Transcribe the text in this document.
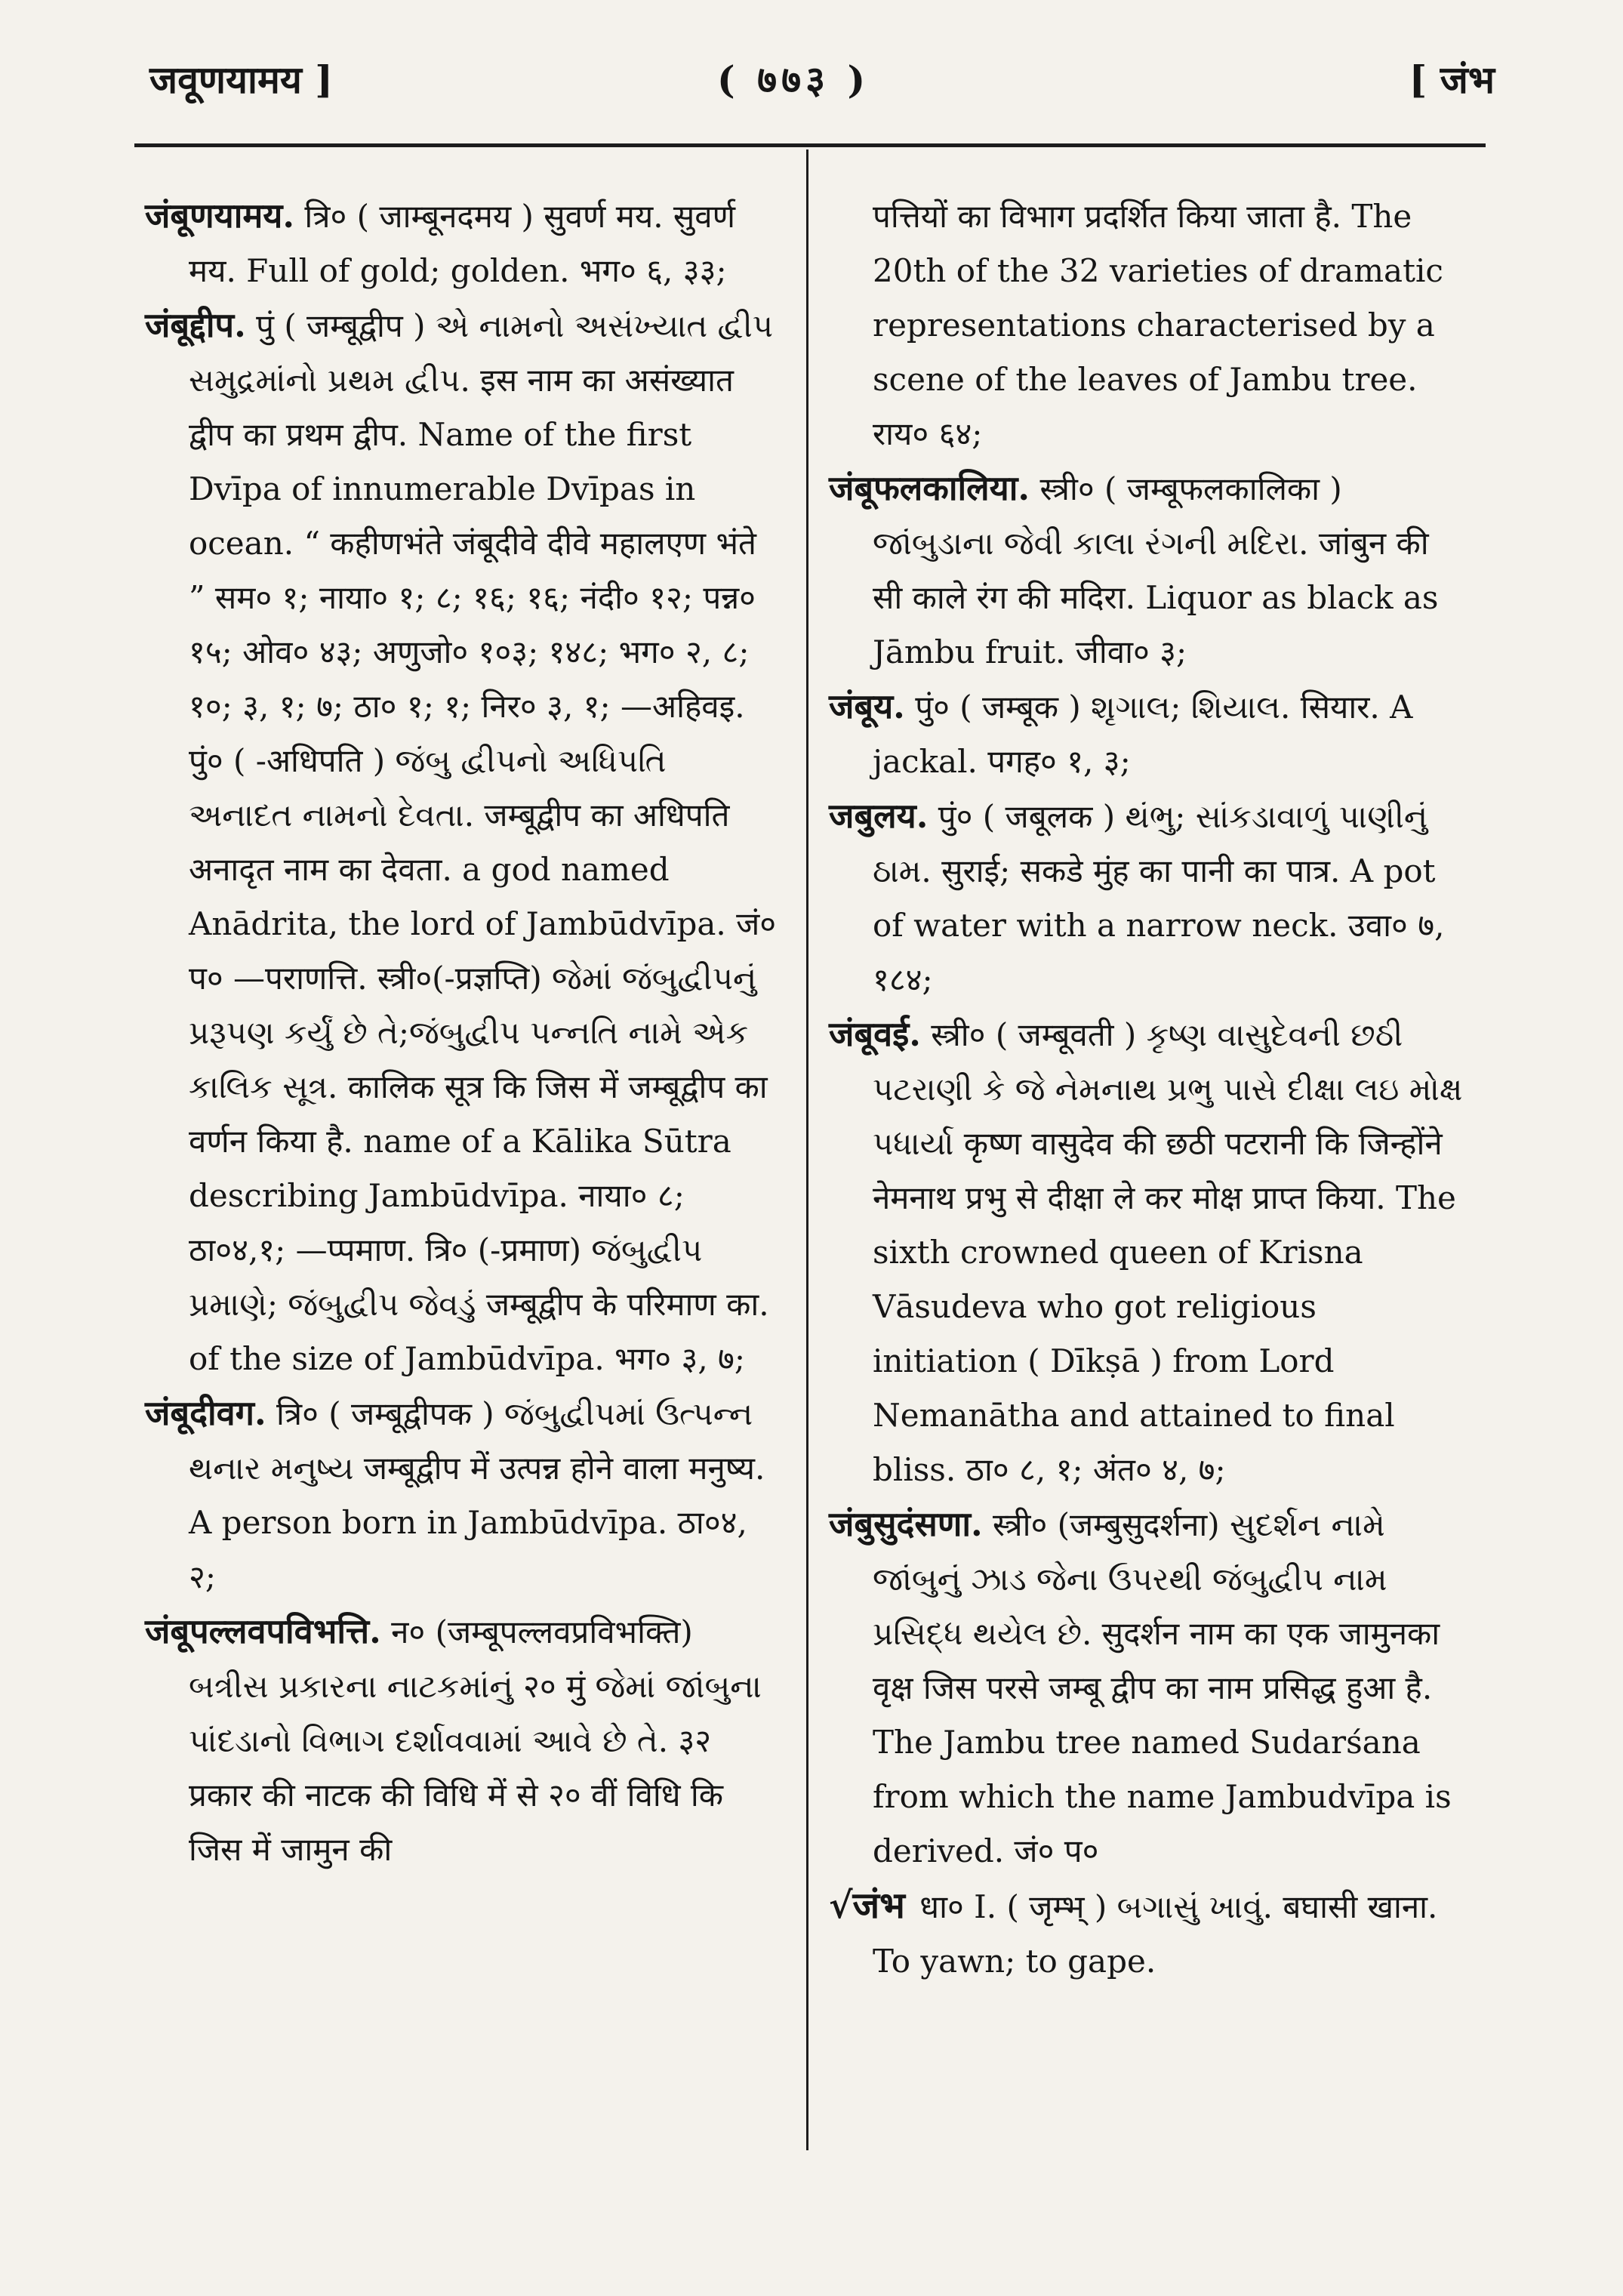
जवूणयामय ]	( ७७३ )	[ जंभ

जंबूणयामय. त्रि० ( जाम्बूनदमय ) सुवर्ण मय. सुवर्ण मय. Full of gold; golden. भग० ६, ३३;

जंबूद्दीप. पुं ( जम्बूद्वीप ) એ નામનો અસંખ્યાત દ્વીપ સમુદ્રમાંનો પ્રથમ દ્વીપ. इस नाम का असंख्यात द्वीप का प्रथम द्वीप. Name of the first Dvīpa of innumerable Dvīpas in ocean. “ कहीणभंते जंबूदीवे दीवे महालएण भंते ” सम० १; नाया० १; ८; १६; १६; नंदी० १२; पन्न० १५; ओव० ४३; अणुजो० १०३; १४८; भग० २, ८; १०; ३, १; ७; ठा० १; १; निर० ३, १; —अहिवइ. पुं० ( -अधिपति ) જંબુ દ્વીપનો અધિપતિ અનાદત નામનો દેવતા. जम्बूद्वीप का अधिपति अनादृत नाम का देवता. a god named Anādrita, the lord of Jambūdvīpa. जं० प० —पराणत्ति. स्त्री०(-प्रज्ञप्ति) જેમાં જંબુદ્વીપનું પ્રરૂપણ કર્યું છે તે;જંબુદ્વીપ પન્નતિ નામે એક કાલિક સૂત્ર. कालिक सूत्र कि जिस में जम्बूद्वीप का वर्णन किया है. name of a Kālika Sūtra describing Jambūdvīpa. नाया० ८; ठा०४,१; —प्पमाण. त्रि० (-प्रमाण) જંબુદ્વીપ પ્રમાણે; જંબુદ્વીપ જેવડું जम्बूद्वीप के परिमाण का. of the size of Jambūdvīpa. भग० ३, ७;

जंबूदीवग. त्रि० ( जम्बूद्वीपक ) જંબુદ્વીપમાં ઉત્પન્ન થનાર મનુષ્ય जम्बूद्वीप में उत्पन्न होने वाला मनुष्य. A person born in Jambūdvīpa. ठा०४, २;

जंबूपल्लवपविभत्ति. न० (जम्बूपल्लवप्रविभक्ति) બત્રીસ પ્રકારના નાટકમાંનું २० मुं જેમાં જાંબુના પાંદડાનો વિભાગ દર્શાવવામાં આવે છે તે. ३२ प्रकार की नाटक की विधि में से २० वीं विधि कि जिस में जामुन की

पत्तियों का विभाग प्रदर्शित किया जाता है. The 20th of the 32 varieties of dramatic representations characterised by a scene of the leaves of Jambu tree. राय० ६४;

जंबूफलकालिया. स्त्री० ( जम्बूफलकालिका ) જાંબુડાના જેવી કાલા રંગની મદિરા. जांबुन की सी काले रंग की मदिरा. Liquor as black as Jāmbu fruit. जीवा० ३;

जंबूय. पुं० ( जम्बूक ) શૃગાલ; શિયાલ. सियार. A jackal. पगह० १, ३;

जबुलय. पुं० ( जबूलक ) થંભુ; સાંકડાવાળું પાણીનું ઠામ. सुराई; सकडे मुंह का पानी का पात्र. A pot of water with a narrow neck. उवा० ७, १८४;

जंबूवई. स्त्री० ( जम्बूवती ) કૃષ્ણ વાસુદેવની છઠી પટરાણી કે જે નેમનાથ પ્રભુ પાસે દીક્ષા લઇ મોક્ષ પધાર્યા कृष्ण वासुदेव की छठी पटरानी कि जिन्होंने नेमनाथ प्रभु से दीक्षा ले कर मोक्ष प्राप्त किया. The sixth crowned queen of Krisna Vāsudeva who got religious initiation ( Dīkṣā ) from Lord Nemanātha and attained to final bliss. ठा० ८, १; अंत० ४, ७;

जंबुसुदंसणा. स्त्री० (जम्बुसुदर्शना) સુદર્શન નામે જાંબુનું ઝાડ જેના ઉપરથી જંબુદ્વીપ નામ પ્રસિદ્ધ થયેલ છે. सुदर्शन नाम का एक जामुनका वृक्ष जिस परसे जम्बू द्वीप का नाम प्रसिद्ध हुआ है. The Jambu tree named Sudarśana from which the name Jambudvīpa is derived. जं० प०

√जंभ धा० I. ( जृम्भ् ) બગાસું ખાવું. बघासी खाना. To yawn; to gape.
